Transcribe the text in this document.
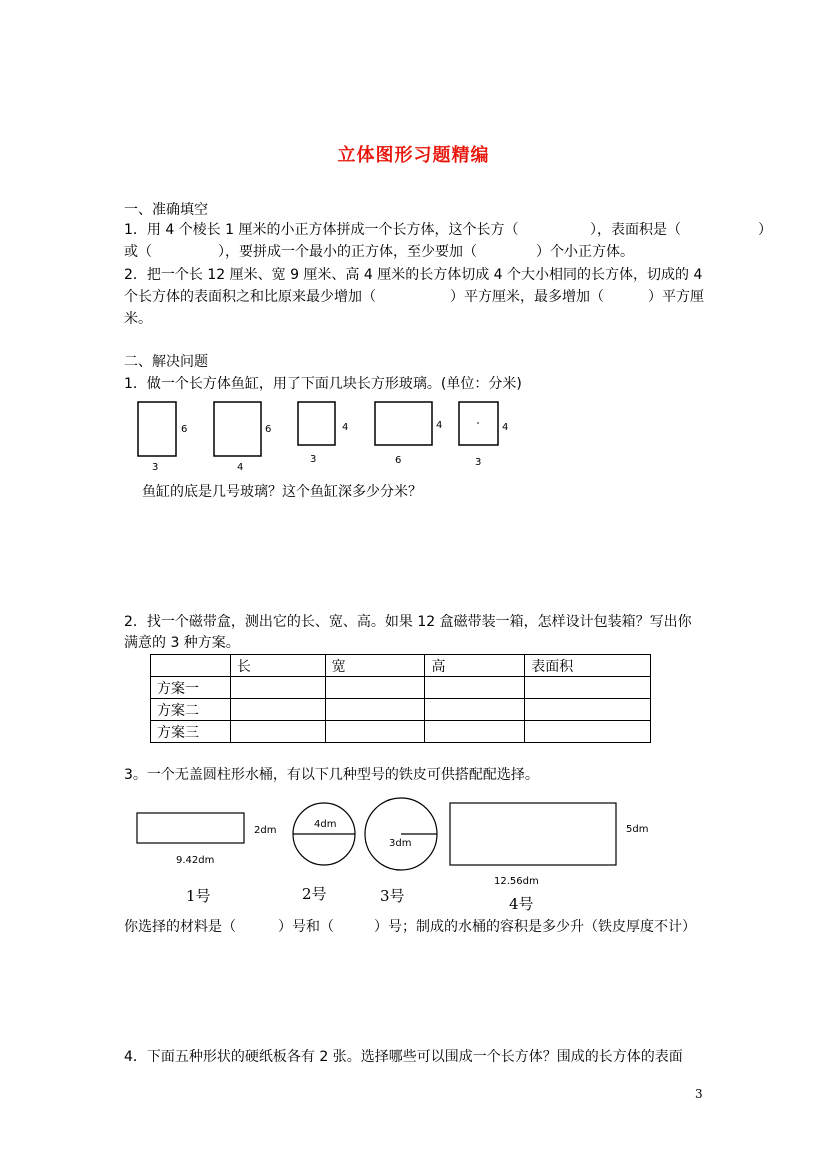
立体图形习题精编
一、准确填空
1．用 4 个棱长 1 厘米的小正方体拼成一个长方体，这个长方（	），表面积是（	）
或（	），要拼成一个最小的正方体，至少要加（	）个小正方体。
2．把一个长 12 厘米、宽 9 厘米、高 4 厘米的长方体切成 4 个大小相同的长方体，切成的 4
个长方体的表面积之和比原来最少增加（	）平方厘米，最多增加（	）平方厘
米。
二、解决问题
1．做一个长方体鱼缸，用了下面几块长方形玻璃。(单位：分米)
6
3
6
4
4
3
4
6
4
3
鱼缸的底是几号玻璃？这个鱼缸深多少分米？
2．找一个磁带盒，测出它的长、宽、高。如果 12 盒磁带装一箱，怎样设计包装箱？写出你
满意的 3 种方案。
	长	宽	高	表面积
方案一				
方案二				
方案三				
3。一个无盖圆柱形水桶，有以下几种型号的铁皮可供搭配配选择。
2dm
9.42dm
1号
4dm
2号
3dm
3号
5dm
12.56dm
4号
你选择的材料是（	）号和（	）号；制成的水桶的容积是多少升（铁皮厚度不计）
4．下面五种形状的硬纸板各有 2 张。选择哪些可以围成一个长方体？围成的长方体的表面
3
